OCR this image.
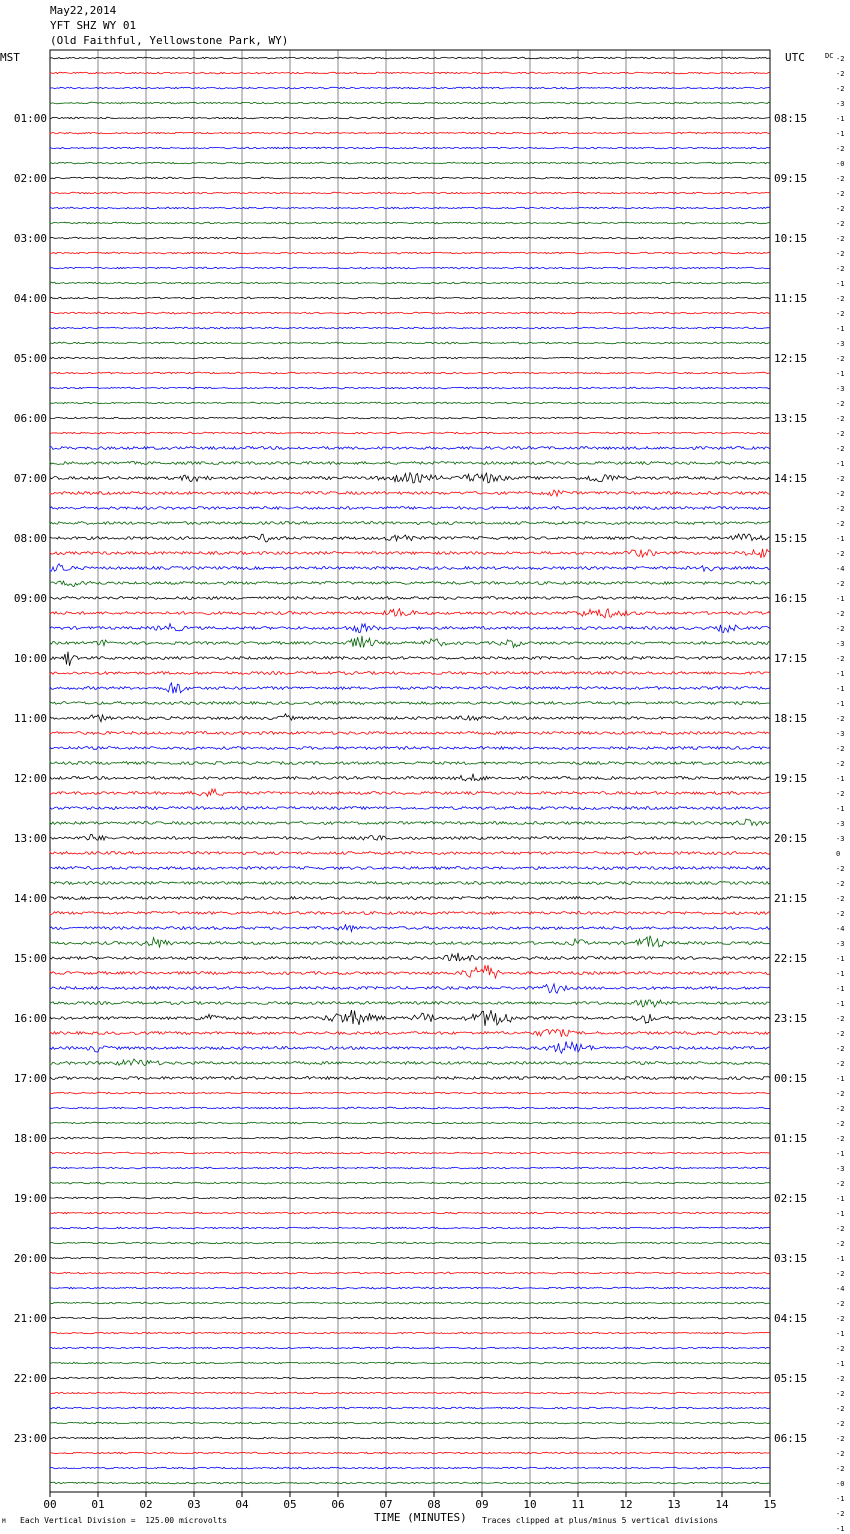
May22,2014
YFT SHZ WY 01
(Old Faithful, Yellowstone Park, WY)
01:00
02:00
03:00
04:00
05:00
06:00
07:00
08:00
09:00
10:00
11:00
12:00
13:00
14:00
15:00
16:00
17:00
18:00
19:00
20:00
21:00
22:00
23:00
08:15
09:15
10:15
11:15
12:15
13:15
14:15
15:15
16:15
17:15
18:15
19:15
20:15
21:15
22:15
23:15
00:15
01:15
02:15
03:15
04:15
05:15
06:15
MST	UTC	DC -2
-2
-2
-3
-1
-1
-2
-0
-2
-2
-2
-2
-2
-2
-2
-1
-2
-2
-1
-3
-2
-1
-3
-2
-2
-2
-2
-1
-2
-2
-2
-2
-1
-2
-4
-2
-1
-2
-2
-3
-2
-1
-1
-1
-2
-3
-2
-2
-1
-2
-1
-3
-3
0
-2
-2
-2
-2
-4
-3
-1
-1
-1
-1
-2
-2
-2
-2
-1
-2
-2
-2
-2
-1
-3
-2
-1
-1
-2
-2
-1
-2
-4
-2
-2
-1
-2
-1
-2
-2
-2
-2
-2
-2
-2
-0
-1
-2
-1
00	01	02	03	04	05	06	07	08	09	10	11	12	13	14	15
M Each Vertical Division =  125.00 microvolts	TIME (MINUTES) Traces clipped at plus/minus 5 vertical divisions
